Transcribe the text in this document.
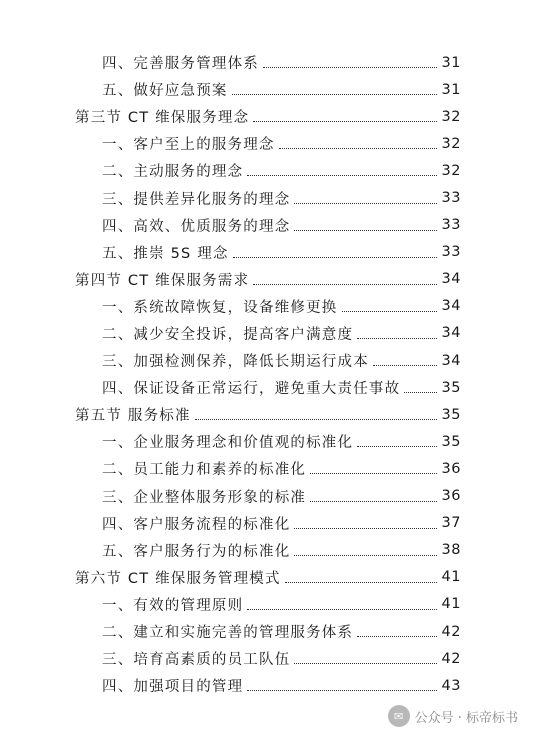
四、完善服务管理体系	31
五、做好应急预案	31
第三节 CT 维保服务理念	32
一、客户至上的服务理念	32
二、主动服务的理念	32
三、提供差异化服务的理念	33
四、高效、优质服务的理念	33
五、推崇 5S 理念	33
第四节 CT 维保服务需求	34
一、系统故障恢复，设备维修更换	34
二、减少安全投诉，提高客户满意度	34
三、加强检测保养，降低长期运行成本	34
四、保证设备正常运行，避免重大责任事故	35
第五节 服务标准	35
一、企业服务理念和价值观的标准化	35
二、员工能力和素养的标准化	36
三、企业整体服务形象的标准	36
四、客户服务流程的标准化	37
五、客户服务行为的标准化	38
第六节 CT 维保服务管理模式	41
一、有效的管理原则	41
二、建立和实施完善的管理服务体系	42
三、培育高素质的员工队伍	42
四、加强项目的管理	43
✉ 公众号 · 标帝标书
